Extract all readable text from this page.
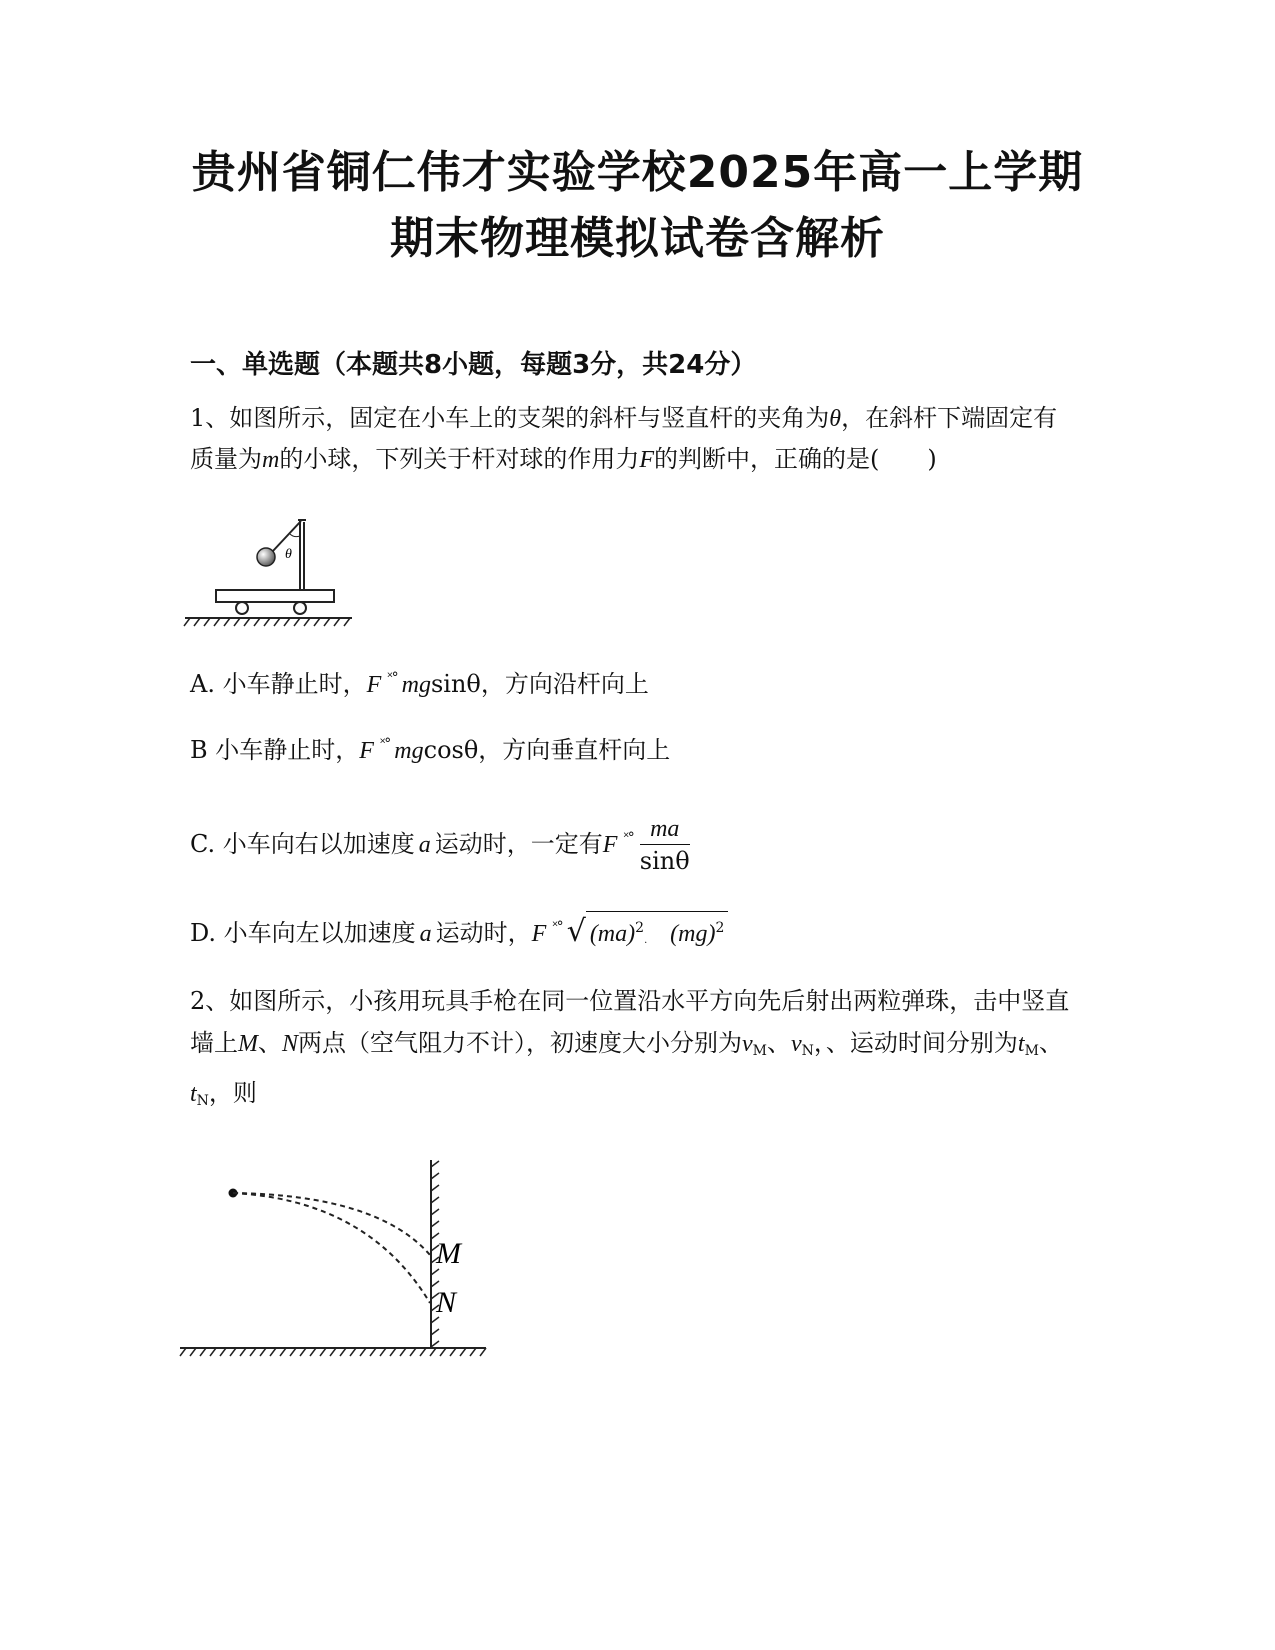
贵州省铜仁伟才实验学校2025年高一上学期
期末物理模拟试卷含解析
一、单选题（本题共8小题，每题3分，共24分）
1、如图所示，固定在小车上的支架的斜杆与竖直杆的夹角为θ，在斜杆下端固定有质量为m的小球，下列关于杆对球的作用力F的判断中，正确的是(　　)
θ
A. 小车静止时，F ˟° mgsinθ，方向沿杆向上
B 小车静止时，F ˟° mgcosθ，方向垂直杆向上
C. 小车向右以加速度 a 运动时，一定有F $^{˟^\circ} \frac{ma}{\sin\theta}$
D. 小车向左以加速度 a 运动时，F ˟° √ (ma)$^2$. (mg)$^2$
2、如图所示，小孩用玩具手枪在同一位置沿水平方向先后射出两粒弹珠，击中竖直墙上M、N两点（空气阻力不计），初速度大小分别为vM、vN，、运动时间分别为tM、tN，则
M
N
